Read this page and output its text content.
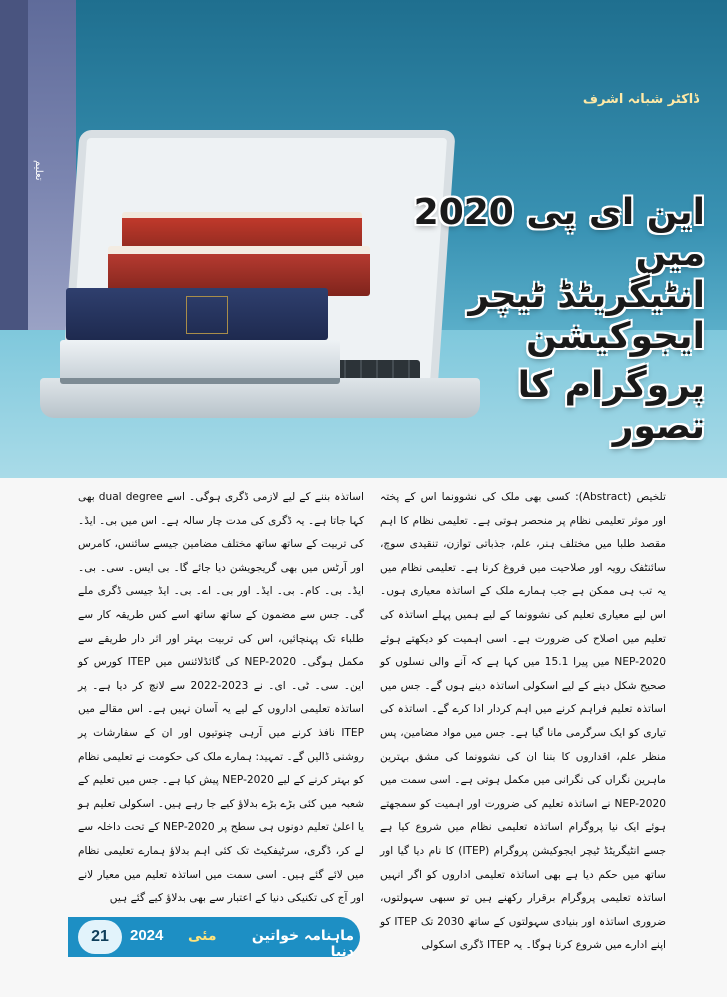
تعلیم
ڈاکٹر شبانہ اشرف
این ای پی 2020 میں
انٹیگریٹڈ ٹیچر ایجوکیشن
پروگرام کا تصور

تلخیص (Abstract): کسی بھی ملک کی نشوونما اس کے پختہ اور موثر تعلیمی نظام پر منحصر ہوتی ہے۔ تعلیمی نظام کا اہم مقصد طلبا میں مختلف ہنر، علم، جذباتی توازن، تنقیدی سوچ، سائنٹفک رویہ اور صلاحیت میں فروغ کرنا ہے۔ تعلیمی نظام میں یہ تب ہی ممکن ہے جب ہمارے ملک کے اساتذہ معیاری ہوں۔ اس لیے معیاری تعلیم کی نشوونما کے لیے ہمیں پہلے اساتذہ کی تعلیم میں اصلاح کی ضرورت ہے۔ اسی اہمیت کو دیکھتے ہوئے NEP-2020 میں پیرا 15.1 میں کہا ہے کہ آنے والی نسلوں کو صحیح شکل دینے کے لیے اسکولی اساتذہ دینے ہوں گے۔ جس میں اساتذہ تعلیم فراہم کرنے میں اہم کردار ادا کرے گے۔ اساتذہ کی تیاری کو ایک سرگرمی مانا گیا ہے۔ جس میں مواد مضامین، پس منظر علم، اقداروں کا بننا ان کی نشوونما کی مشق بہترین ماہرین نگراں کی نگرانی میں مکمل ہوتی ہے۔ اسی سمت میں NEP-2020 نے اساتذہ تعلیم کی ضرورت اور اہمیت کو سمجھتے ہوئے ایک نیا پروگرام اساتذہ تعلیمی نظام میں شروع کیا ہے جسے انٹیگریٹڈ ٹیچر ایجوکیشن پروگرام (ITEP) کا نام دیا گیا اور ساتھ میں حکم دیا ہے بھی اساتذہ تعلیمی اداروں کو اگر انہیں اساتذہ تعلیمی پروگرام برقرار رکھنے ہیں تو سبھی سہولتوں، ضروری اساتذہ اور بنیادی سہولتوں کے ساتھ 2030 تک ITEP کو اپنے ادارے میں شروع کرنا ہوگا۔ یہ ITEP ڈگری اسکولی

اساتذہ بننے کے لیے لازمی ڈگری ہوگی۔ اسے dual degree بھی کہا جاتا ہے۔ یہ ڈگری کی مدت چار سالہ ہے۔ اس میں بی۔ ایڈ۔ کی تربیت کے ساتھ ساتھ مختلف مضامین جیسے سائنس، کامرس اور آرٹس میں بھی گریجویشن دیا جائے گا۔ بی ایس۔ سی۔ بی۔ ایڈ۔ بی۔ کام۔ بی۔ ایڈ۔ اور بی۔ اے۔ بی۔ ایڈ جیسی ڈگری ملے گی۔ جس سے مضمون کے ساتھ ساتھ اسے کس طریقہ کار سے طلباء تک پہنچائیں، اس کی تربیت بہتر اور اثر دار طریقے سے مکمل ہوگی۔ NEP-2020 کی گائڈلائنس میں ITEP کورس کو این۔ سی۔ ٹی۔ ای۔ نے 2023-2022 سے لانچ کر دیا ہے۔ پر اساتذہ تعلیمی اداروں کے لیے یہ آسان نہیں ہے۔ اس مقالے میں ITEP نافذ کرنے میں آرہی چنوتیوں اور ان کے سفارشات پر روشنی ڈالیں گے۔ تمہید: ہمارے ملک کی حکومت نے تعلیمی نظام کو بہتر کرنے کے لیے NEP-2020 پیش کیا ہے۔ جس میں تعلیم کے شعبہ میں کئی بڑے بڑے بدلاؤ کیے جا رہے ہیں۔ اسکولی تعلیم ہو یا اعلیٰ تعلیم دونوں ہی سطح پر NEP-2020 کے تحت داخلہ سے لے کر، ڈگری، سرٹیفکیٹ تک کئی اہم بدلاؤ ہمارے تعلیمی نظام میں لائے گئے ہیں۔ اسی سمت میں اساتذہ تعلیم میں معیار لانے اور آج کی تکنیکی دنیا کے اعتبار سے بھی بدلاؤ کیے گئے ہیں

21	2024 مئی	ماہنامہ خواتین دنیا
